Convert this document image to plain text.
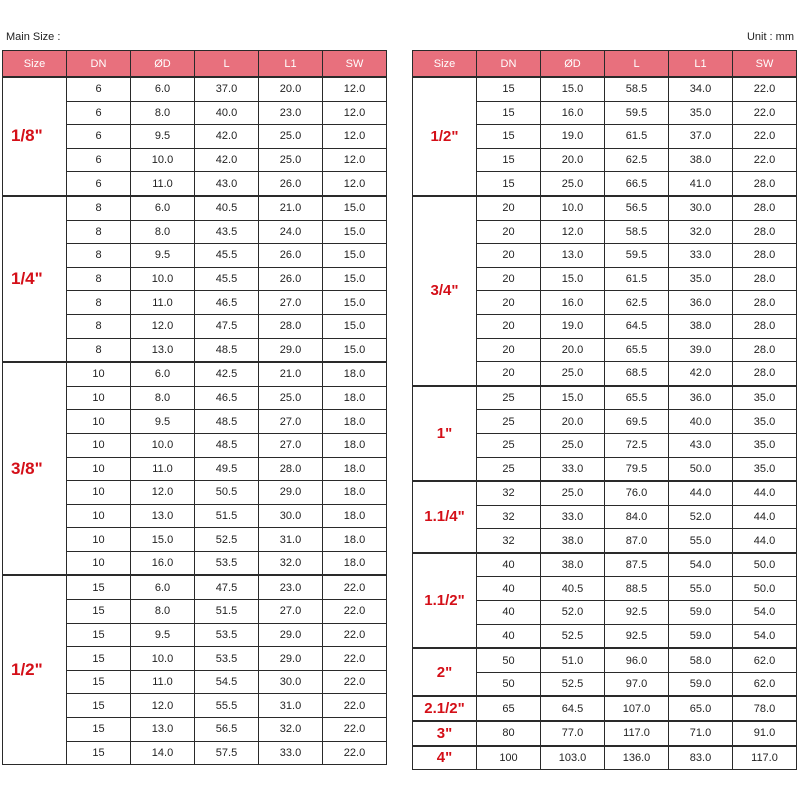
Main Size :	Unit : mm
Size	DN	ØD	L	L1	SW
1/8"	6	6.0	37.0	20.0	12.0
	6	8.0	40.0	23.0	12.0
	6	9.5	42.0	25.0	12.0
	6	10.0	42.0	25.0	12.0
	6	11.0	43.0	26.0	12.0
1/4"	8	6.0	40.5	21.0	15.0
	8	8.0	43.5	24.0	15.0
	8	9.5	45.5	26.0	15.0
	8	10.0	45.5	26.0	15.0
	8	11.0	46.5	27.0	15.0
	8	12.0	47.5	28.0	15.0
	8	13.0	48.5	29.0	15.0
3/8"	10	6.0	42.5	21.0	18.0
	10	8.0	46.5	25.0	18.0
	10	9.5	48.5	27.0	18.0
	10	10.0	48.5	27.0	18.0
	10	11.0	49.5	28.0	18.0
	10	12.0	50.5	29.0	18.0
	10	13.0	51.5	30.0	18.0
	10	15.0	52.5	31.0	18.0
	10	16.0	53.5	32.0	18.0
1/2"	15	6.0	47.5	23.0	22.0
	15	8.0	51.5	27.0	22.0
	15	9.5	53.5	29.0	22.0
	15	10.0	53.5	29.0	22.0
	15	11.0	54.5	30.0	22.0
	15	12.0	55.5	31.0	22.0
	15	13.0	56.5	32.0	22.0
	15	14.0	57.5	33.0	22.0
Size	DN	ØD	L	L1	SW
1/2"	15	15.0	58.5	34.0	22.0
	15	16.0	59.5	35.0	22.0
	15	19.0	61.5	37.0	22.0
	15	20.0	62.5	38.0	22.0
	15	25.0	66.5	41.0	28.0
3/4"	20	10.0	56.5	30.0	28.0
	20	12.0	58.5	32.0	28.0
	20	13.0	59.5	33.0	28.0
	20	15.0	61.5	35.0	28.0
	20	16.0	62.5	36.0	28.0
	20	19.0	64.5	38.0	28.0
	20	20.0	65.5	39.0	28.0
	20	25.0	68.5	42.0	28.0
1"	25	15.0	65.5	36.0	35.0
	25	20.0	69.5	40.0	35.0
	25	25.0	72.5	43.0	35.0
	25	33.0	79.5	50.0	35.0
1.1/4"	32	25.0	76.0	44.0	44.0
	32	33.0	84.0	52.0	44.0
	32	38.0	87.0	55.0	44.0
1.1/2"	40	38.0	87.5	54.0	50.0
	40	40.5	88.5	55.0	50.0
	40	52.0	92.5	59.0	54.0
	40	52.5	92.5	59.0	54.0
2"	50	51.0	96.0	58.0	62.0
	50	52.5	97.0	59.0	62.0
2.1/2"	65	64.5	107.0	65.0	78.0
3"	80	77.0	117.0	71.0	91.0
4"	100	103.0	136.0	83.0	117.0
